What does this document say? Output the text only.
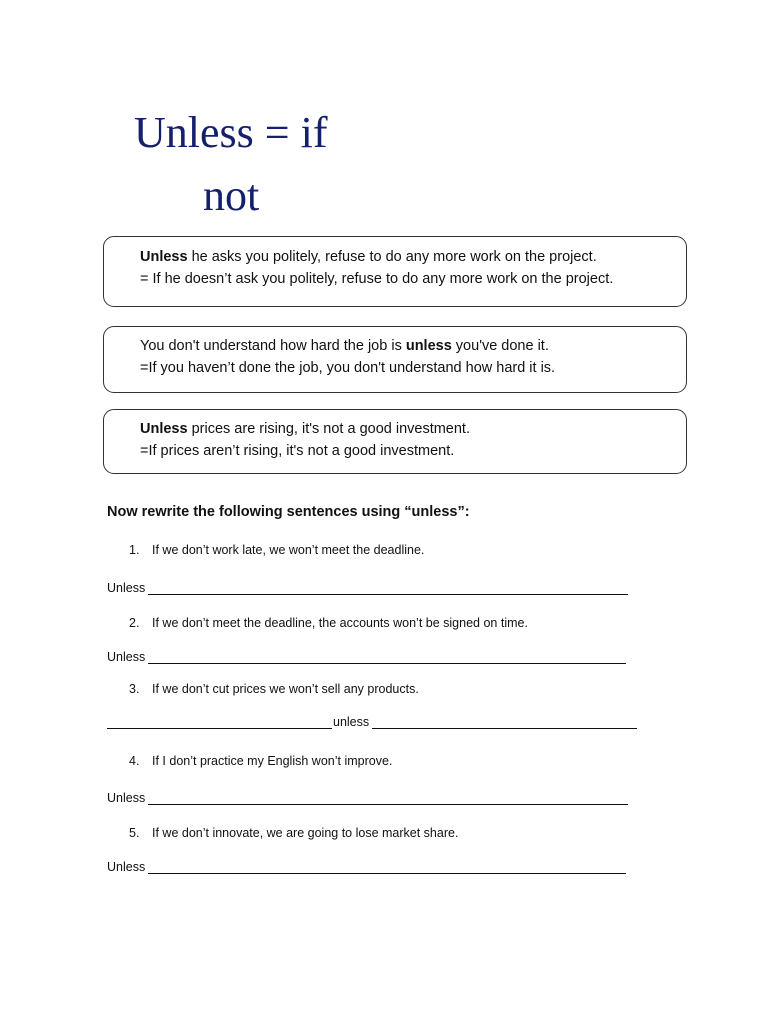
Unless = if
not
Unless he asks you politely, refuse to do any more work on the project.
= If he doesn’t ask you politely, refuse to do any more work on the project.
You don't understand how hard the job is unless you've done it.
=If you haven’t done the job, you don't understand how hard it is.
Unless prices are rising, it's not a good investment.
=If prices aren’t rising, it's not a good investment.
Now rewrite the following sentences using “unless”:
1. If we don’t work late, we won’t meet the deadline.
Unless
2. If we don’t meet the deadline, the accounts won’t be signed on time.
Unless
3. If we don’t cut prices we won’t sell any products.
unless
4. If I don’t practice my English won’t improve.
Unless
5. If we don’t innovate, we are going to lose market share.
Unless
